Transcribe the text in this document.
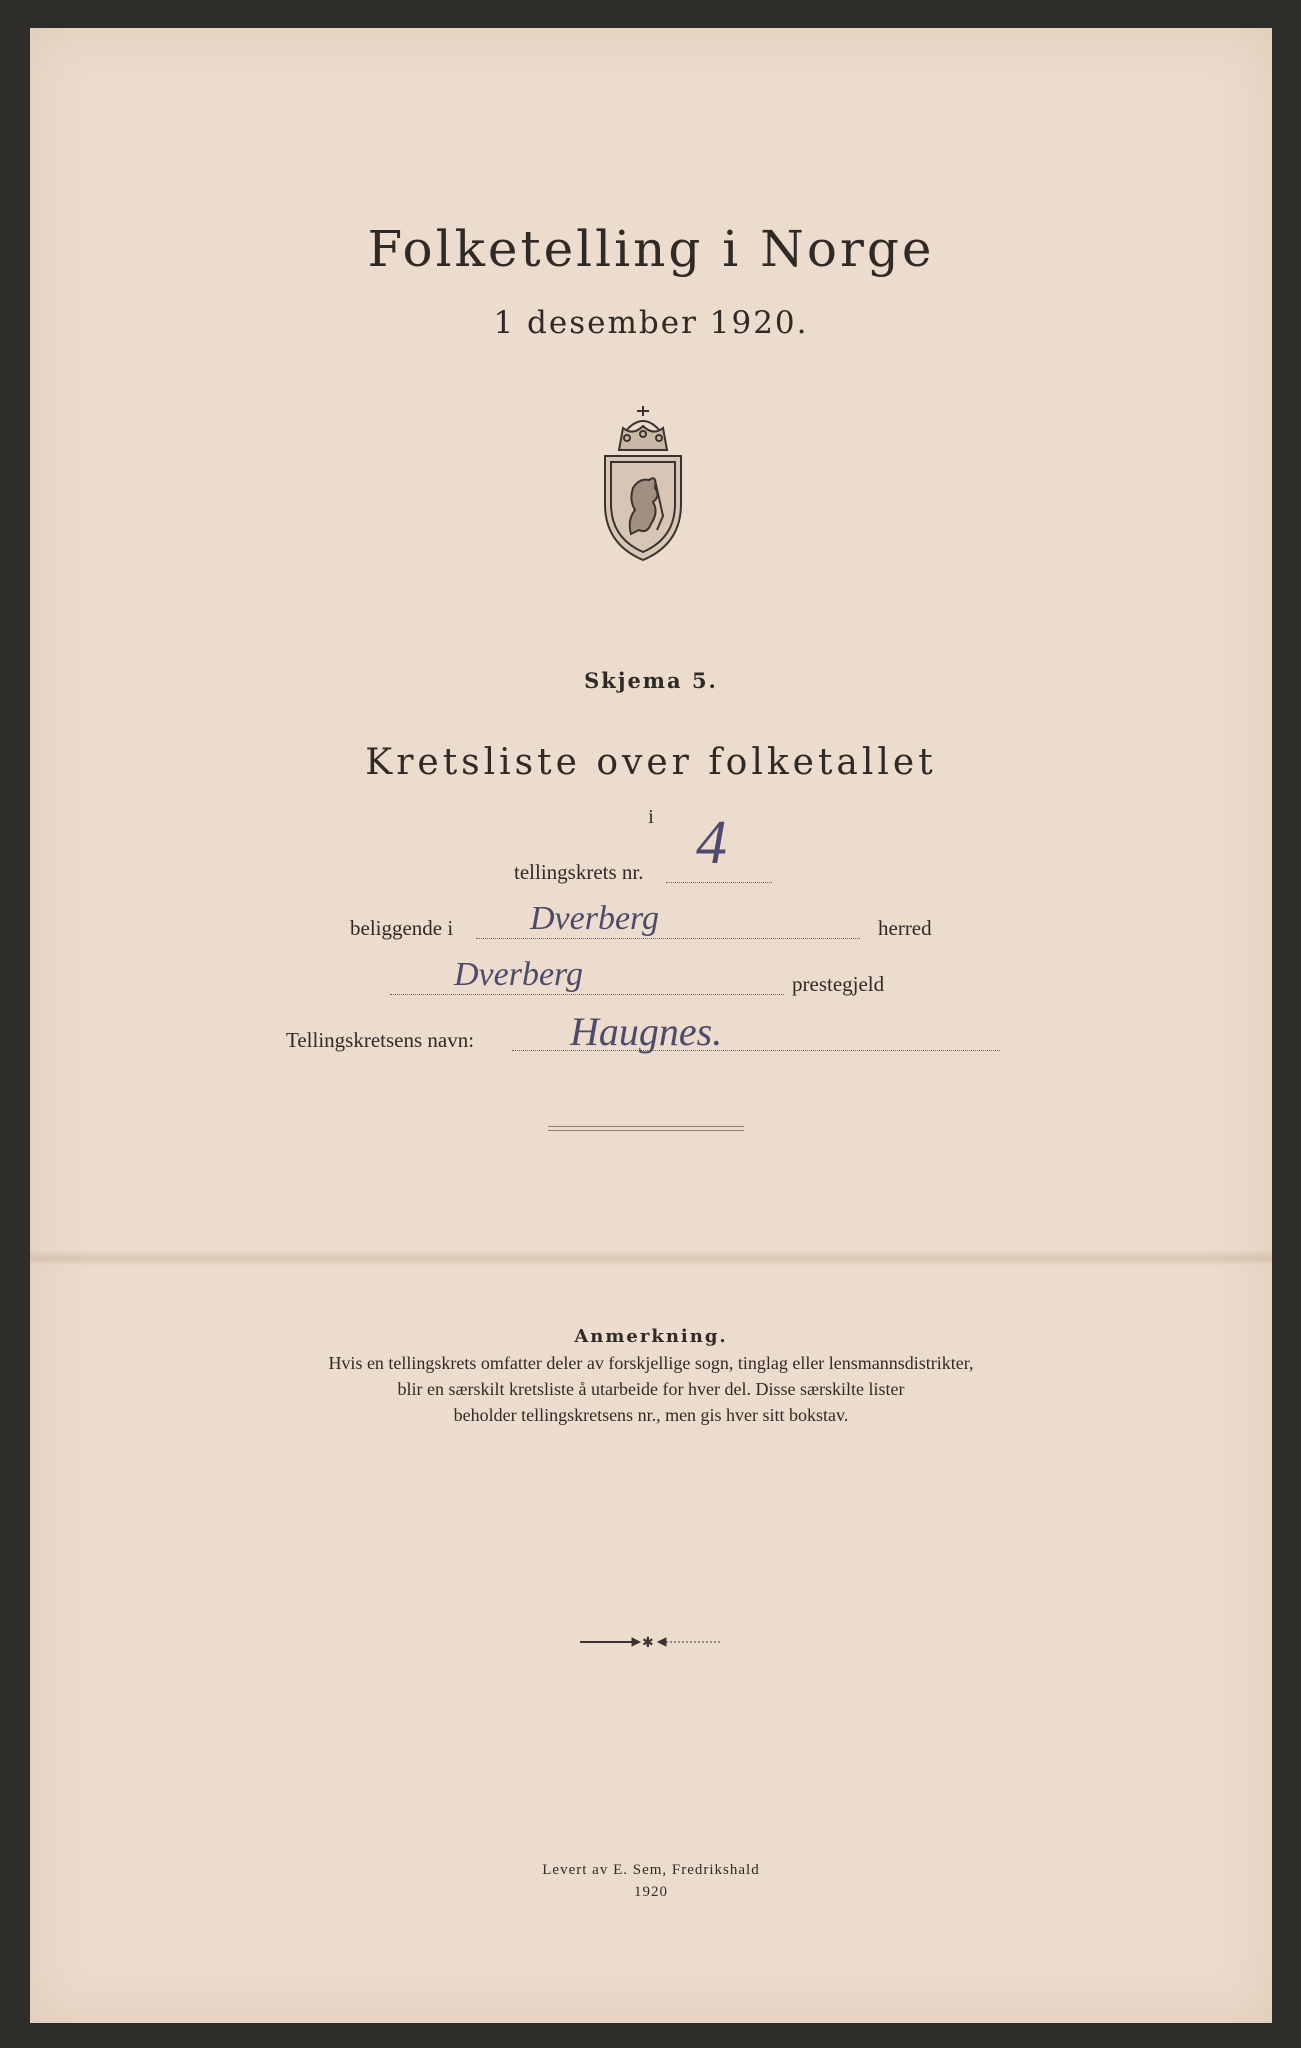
Folketelling i Norge
1 desember 1920.
Skjema 5.
Kretsliste over folketallet
i
tellingskrets nr. 4
beliggende i Dverberg	herred
Dverberg	prestegjeld
Tellingskretsens navn: Haugnes.
Anmerkning.
Hvis en tellingskrets omfatter deler av forskjellige sogn, tinglag eller lensmannsdistrikter,
blir en særskilt kretsliste å utarbeide for hver del. Disse særskilte lister
beholder tellingskretsens nr., men gis hver sitt bokstav.
✱
Levert av E. Sem, Fredrikshald
1920
